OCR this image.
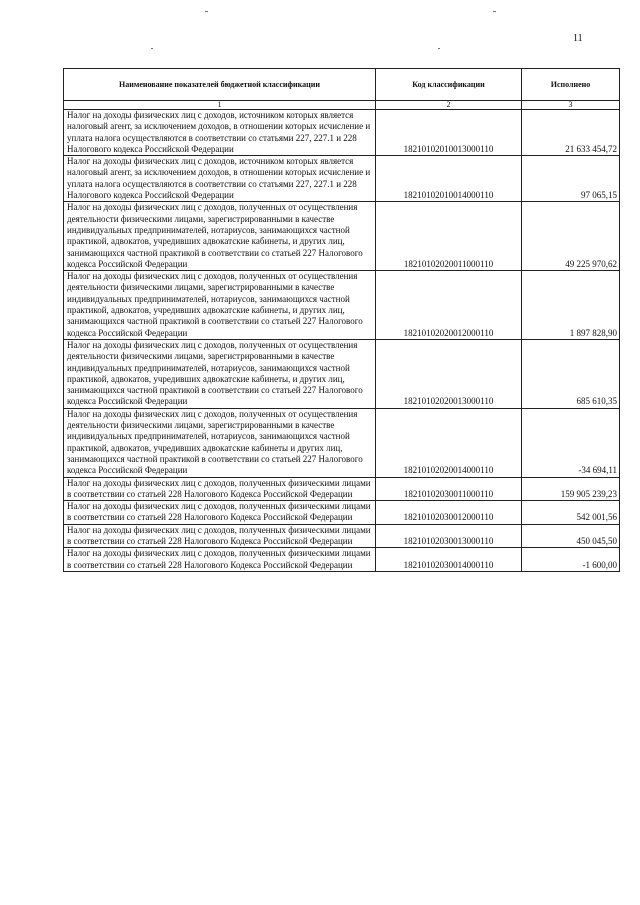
11
Наименование показателей бюджетной классификации	Код классификации	Исполнено
1	2	3
Налог на доходы физических лиц с доходов, источником которых является налоговый агент, за исключением доходов, в отношении которых исчисление и уплата налога осуществляются в соответствии со статьями 227, 227.1 и 228 Налогового кодекса Российской Федерации	18210102010013000110	21 633 454,72
Налог на доходы физических лиц с доходов, источником которых является налоговый агент, за исключением доходов, в отношении которых исчисление и уплата налога осуществляются в соответствии со статьями 227, 227.1 и 228 Налогового кодекса Российской Федерации	18210102010014000110	97 065,15
Налог на доходы физических лиц с доходов, полученных от осуществления деятельности физическими лицами, зарегистрированными в качестве индивидуальных предпринимателей, нотариусов, занимающихся частной практикой, адвокатов, учредивших адвокатские кабинеты, и других лиц, занимающихся частной практикой в соответствии со статьей 227 Налогового кодекса Российской Федерации	18210102020011000110	49 225 970,62
Налог на доходы физических лиц с доходов, полученных от осуществления деятельности физическими лицами, зарегистрированными в качестве индивидуальных предпринимателей, нотариусов, занимающихся частной практикой, адвокатов, учредивших адвокатские кабинеты, и других лиц, занимающихся частной практикой в соответствии со статьей 227 Налогового кодекса Российской Федерации	18210102020012000110	1 897 828,90
Налог на доходы физических лиц с доходов, полученных от осуществления деятельности физическими лицами, зарегистрированными в качестве индивидуальных предпринимателей, нотариусов, занимающихся частной практикой, адвокатов, учредивших адвокатские кабинеты, и других лиц, занимающихся частной практикой в соответствии со статьей 227 Налогового кодекса Российской Федерации	18210102020013000110	685 610,35
Налог на доходы физических лиц с доходов, полученных от осуществления деятельности физическими лицами, зарегистрированными в качестве индивидуальных предпринимателей, нотариусов, занимающихся частной практикой, адвокатов, учредивших адвокатские кабинеты и других лиц, занимающихся частной практикой в соответствии со статьей 227 Налогового кодекса Российской Федерации	18210102020014000110	-34 694,11
Налог на доходы физических лиц с доходов, полученных физическими лицами в соответствии со статьей 228 Налогового Кодекса Российской Федерации	18210102030011000110	159 905 239,23
Налог на доходы физических лиц с доходов, полученных физическими лицами в соответствии со статьей 228 Налогового Кодекса Российской Федерации	18210102030012000110	542 001,56
Налог на доходы физических лиц с доходов, полученных физическими лицами в соответствии со статьей 228 Налогового Кодекса Российской Федерации	18210102030013000110	450 045,50
Налог на доходы физических лиц с доходов, полученных физическими лицами в соответствии со статьей 228 Налогового Кодекса Российской Федерации	18210102030014000110	-1 600,00
